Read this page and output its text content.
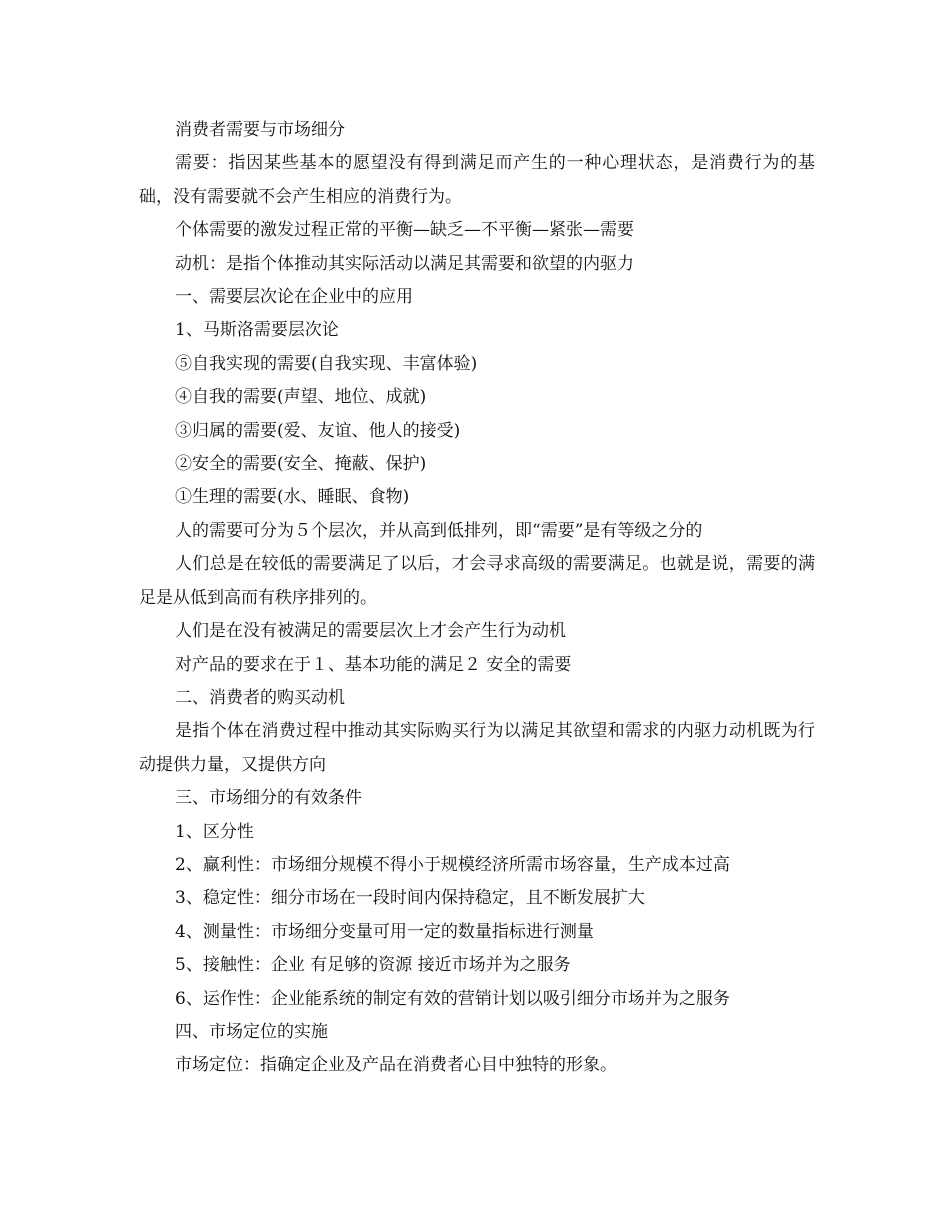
消费者需要与市场细分

需要：指因某些基本的愿望没有得到满足而产生的一种心理状态，是消费行为的基础，没有需要就不会产生相应的消费行为。

个体需要的激发过程正常的平衡—缺乏—不平衡—紧张—需要

动机：是指个体推动其实际活动以满足其需要和欲望的内驱力

一、需要层次论在企业中的应用

1、马斯洛需要层次论

⑤自我实现的需要(自我实现、丰富体验)

④自我的需要(声望、地位、成就)

③归属的需要(爱、友谊、他人的接受)

②安全的需要(安全、掩蔽、保护)

①生理的需要(水、睡眠、食物)

人的需要可分为５个层次，并从高到低排列，即“需要”是有等级之分的

人们总是在较低的需要满足了以后，才会寻求高级的需要满足。也就是说，需要的满足是从低到高而有秩序排列的。

人们是在没有被满足的需要层次上才会产生行为动机

对产品的要求在于１、基本功能的满足２ 安全的需要

二、消费者的购买动机

是指个体在消费过程中推动其实际购买行为以满足其欲望和需求的内驱力动机既为行动提供力量，又提供方向

三、市场细分的有效条件

1、区分性

2、赢利性：市场细分规模不得小于规模经济所需市场容量，生产成本过高

3、稳定性：细分市场在一段时间内保持稳定，且不断发展扩大

4、测量性：市场细分变量可用一定的数量指标进行测量

5、接触性：企业 有足够的资源 接近市场并为之服务

6、运作性：企业能系统的制定有效的营销计划以吸引细分市场并为之服务

四、市场定位的实施

市场定位：指确定企业及产品在消费者心目中独特的形象。
